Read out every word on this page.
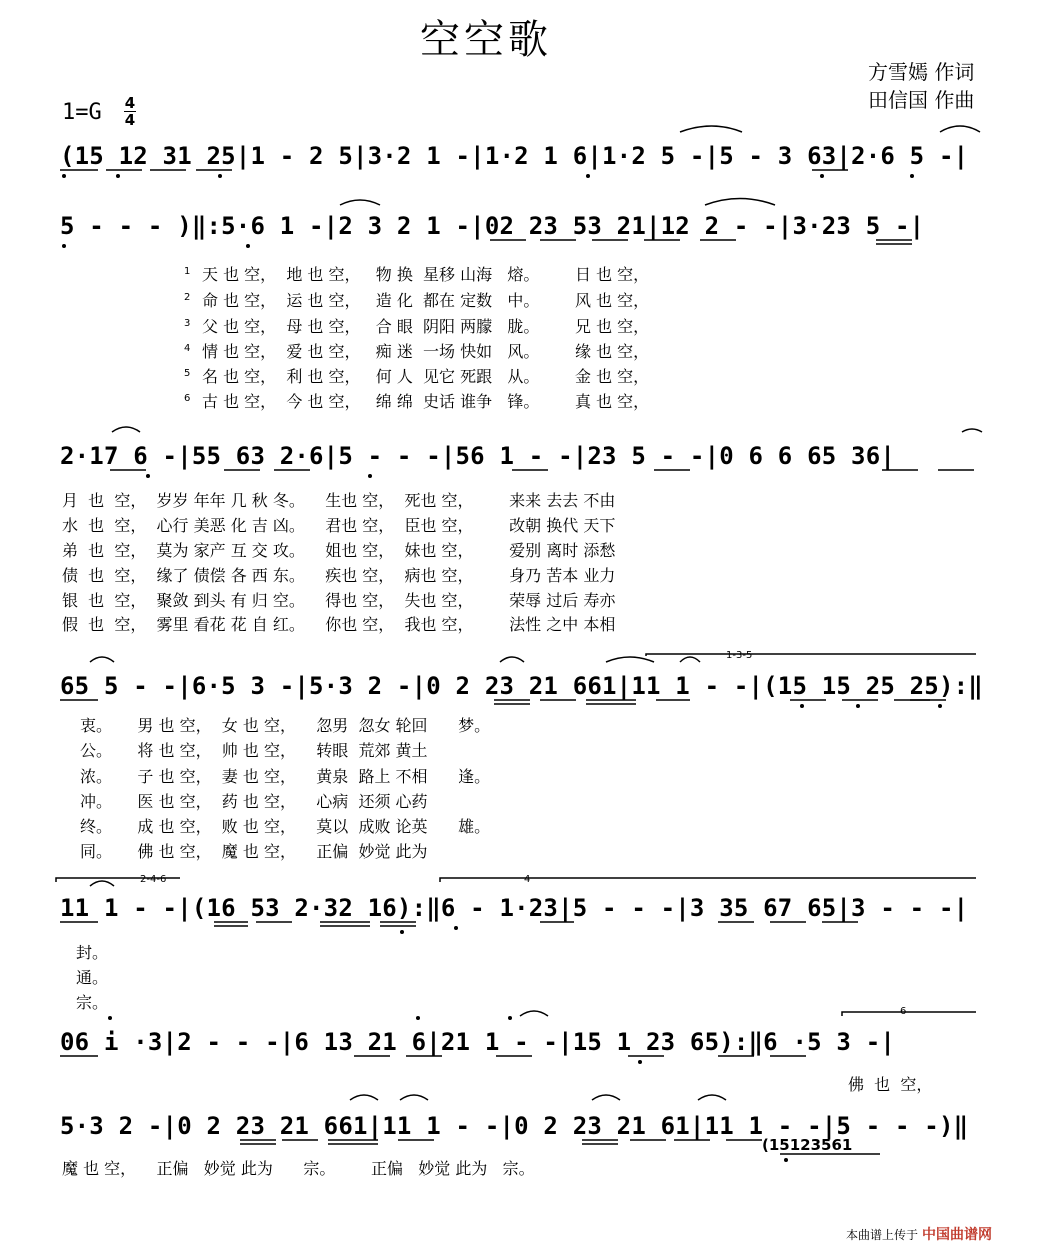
空空歌
方雪嫣 作词
田信国 作曲
1=G 4
4
(15 12 31 25|1 - 2 5|3·2 1 -|1·2 1 6|1·2 5 -|5 - 3 63|2·6 5 -|
5 - - - )‖:5·6 1 -|2 3 2 1 -|02 23 53 21|12 2 - -|3·23 5 -|
1
2
3
4
5
6
天 也 空，  地 也 空，   物 换  星移 山海   熔。       日 也 空，
命 也 空，  运 也 空，   造 化  都在 定数   中。       风 也 空，
父 也 空，  母 也 空，   合 眼  阴阳 两朦   胧。       兄 也 空，
情 也 空，  爱 也 空，   痴 迷  一场 快如   风。       缘 也 空，
名 也 空，  利 也 空，   何 人  见它 死跟   从。       金 也 空，
古 也 空，  今 也 空，   绵 绵  史话 谁争   锋。       真 也 空，
2·17 6 -|55 63 2·6|5 - - -|56 1 - -|23 5 - -|0 6 6 65 36|
月  也  空，  岁岁 年年 几 秋 冬。    生也 空，  死也 空，       来来 去去 不由
水  也  空，  心行 美恶 化 吉 凶。    君也 空，  臣也 空，       改朝 换代 天下
弟  也  空，  莫为 家产 互 交 攻。    姐也 空，  妹也 空，       爱别 离时 添愁
债  也  空，  缘了 债偿 各 西 东。    疾也 空，  病也 空，       身乃 苦本 业力
银  也  空，  聚敛 到头 有 归 空。    得也 空，  失也 空，       荣辱 过后 寿亦
假  也  空，  雾里 看花 花 自 红。    你也 空，  我也 空，       法性 之中 本相
65 5 - -|6·5 3 -|5·3 2 -|0 2 23 21 661|11 1 - -|(15 15 25 25):‖
衷。     男 也 空，  女 也 空，    忽男  忽女 轮回      梦。
公。     将 也 空，  帅 也 空，    转眼  荒郊 黄土
浓。     子 也 空，  妻 也 空，    黄泉  路上 不相      逢。
冲。     医 也 空，  药 也 空，    心病  还须 心药
终。     成 也 空，  败 也 空，    莫以  成败 论英      雄。
同。     佛 也 空，  魔 也 空，    正偏  妙觉 此为
11 1 - -|(16 53 2·32 16):‖6 - 1·23|5 - - -|3 35 67 65|3 - - -|
封。
通。
宗。
06 i ·3|2 - - -|6 13 21 6|21 1 - -|15 1 23 65):‖6 ·5 3 -|
佛  也  空，
5·3 2 -|0 2 23 21 661|11 1 - -|0 2 23 21 61|11 1 - -|5 - - -)‖
魔 也 空，    正偏   妙觉 此为      宗。       正偏   妙觉 此为   宗。
(15123561
1-3-5
2-4-6	4
6
本曲谱上传于 中国曲谱网
